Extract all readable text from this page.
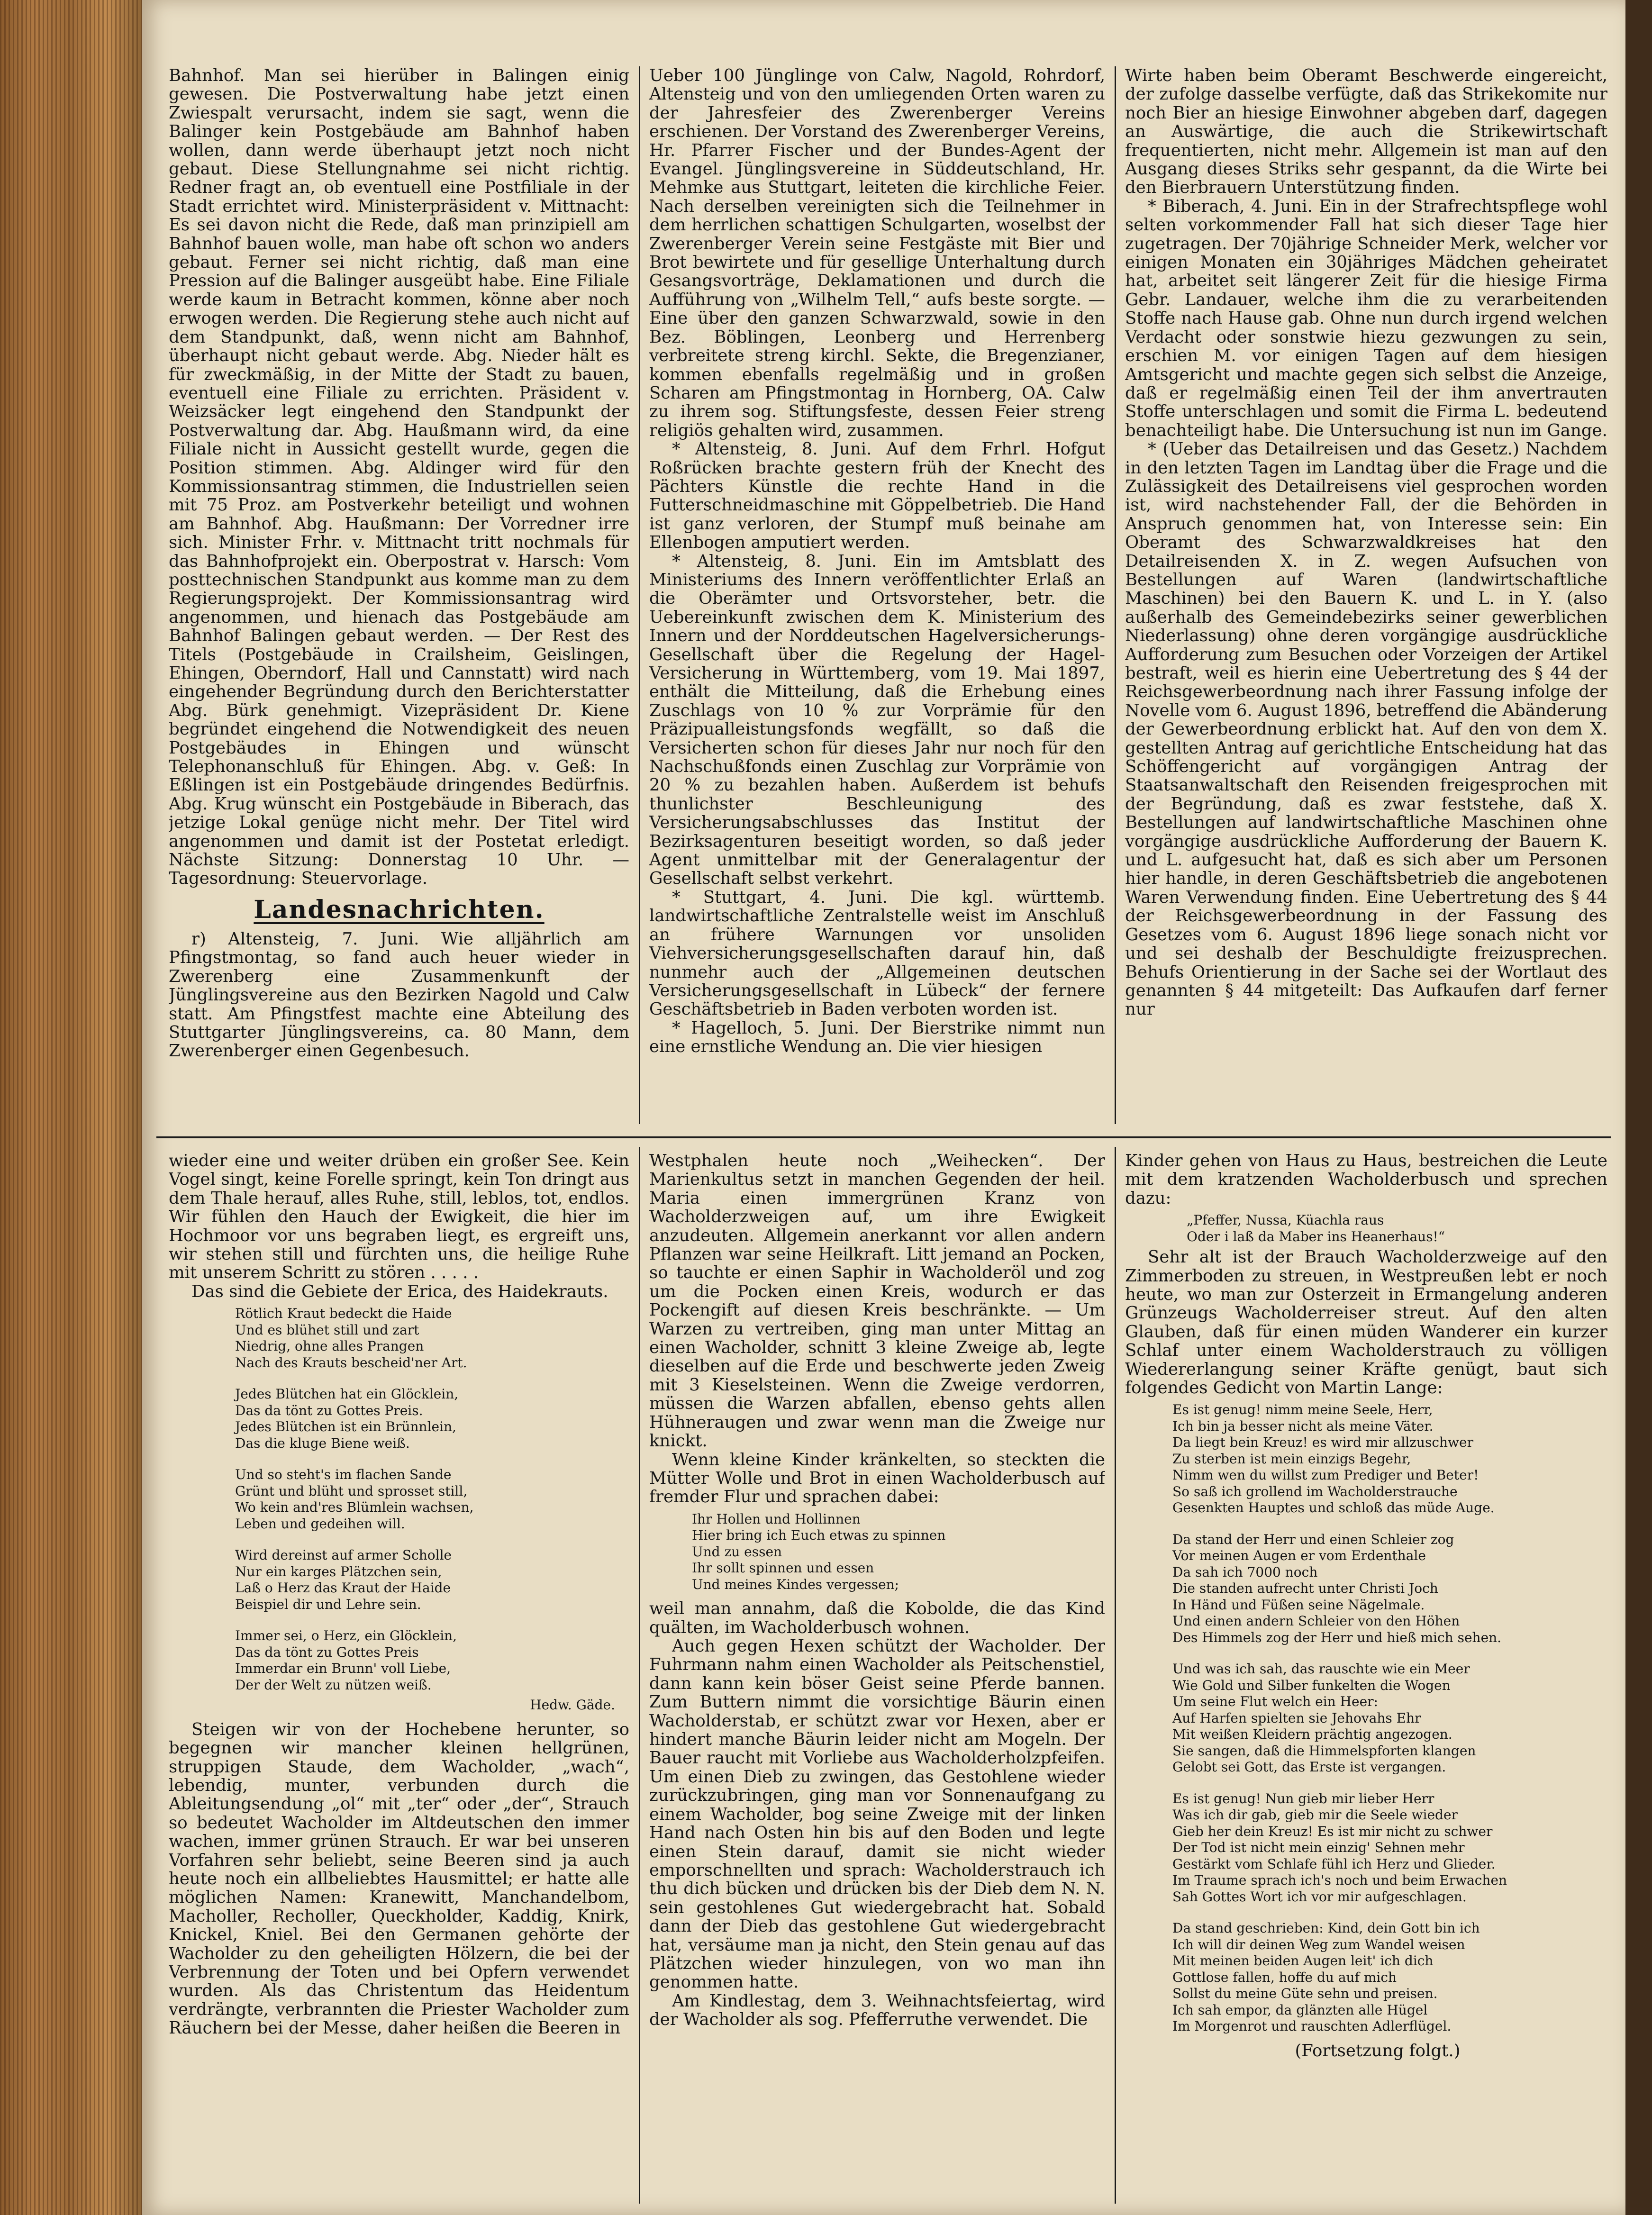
Bahnhof. Man sei hierüber in Balingen einig gewesen. Die Postverwaltung habe jetzt einen Zwiespalt verursacht, indem sie sagt, wenn die Balinger kein Postgebäude am Bahnhof haben wollen, dann werde überhaupt jetzt noch nicht gebaut. Diese Stellungnahme sei nicht richtig. Redner fragt an, ob eventuell eine Postfiliale in der Stadt errichtet wird. Ministerpräsident v. Mittnacht: Es sei davon nicht die Rede, daß man prinzipiell am Bahnhof bauen wolle, man habe oft schon wo anders gebaut. Ferner sei nicht richtig, daß man eine Pression auf die Balinger ausgeübt habe. Eine Filiale werde kaum in Betracht kommen, könne aber noch erwogen werden. Die Regierung stehe auch nicht auf dem Standpunkt, daß, wenn nicht am Bahnhof, überhaupt nicht gebaut werde. Abg. Nieder hält es für zweckmäßig, in der Mitte der Stadt zu bauen, eventuell eine Filiale zu errichten. Präsident v. Weizsäcker legt eingehend den Standpunkt der Postverwaltung dar. Abg. Haußmann wird, da eine Filiale nicht in Aussicht gestellt wurde, gegen die Position stimmen. Abg. Aldinger wird für den Kommissionsantrag stimmen, die Industriellen seien mit 75 Proz. am Postverkehr beteiligt und wohnen am Bahnhof. Abg. Haußmann: Der Vorredner irre sich. Minister Frhr. v. Mittnacht tritt nochmals für das Bahnhofprojekt ein. Oberpostrat v. Harsch: Vom posttechnischen Standpunkt aus komme man zu dem Regierungsprojekt. Der Kommissionsantrag wird angenommen, und hienach das Postgebäude am Bahnhof Balingen gebaut werden. — Der Rest des Titels (Postgebäude in Crailsheim, Geislingen, Ehingen, Oberndorf, Hall und Cannstatt) wird nach eingehender Begründung durch den Berichterstatter Abg. Bürk genehmigt. Vizepräsident Dr. Kiene begründet eingehend die Notwendigkeit des neuen Postgebäudes in Ehingen und wünscht Telephonanschluß für Ehingen. Abg. v. Geß: In Eßlingen ist ein Postgebäude dringendes Bedürfnis. Abg. Krug wünscht ein Postgebäude in Biberach, das jetzige Lokal genüge nicht mehr. Der Titel wird angenommen und damit ist der Postetat erledigt. Nächste Sitzung: Donnerstag 10 Uhr. — Tagesordnung: Steuervorlage.

Landesnachrichten.

r) Altensteig, 7. Juni. Wie alljährlich am Pfingstmontag, so fand auch heuer wieder in Zwerenberg eine Zusammenkunft der Jünglingsvereine aus den Bezirken Nagold und Calw statt. Am Pfingstfest machte eine Abteilung des Stuttgarter Jünglingsvereins, ca. 80 Mann, dem Zwerenberger einen Gegenbesuch.

Ueber 100 Jünglinge von Calw, Nagold, Rohrdorf, Altensteig und von den umliegenden Orten waren zu der Jahresfeier des Zwerenberger Vereins erschienen. Der Vorstand des Zwerenberger Vereins, Hr. Pfarrer Fischer und der Bundes-Agent der Evangel. Jünglingsvereine in Süddeutschland, Hr. Mehmke aus Stuttgart, leiteten die kirchliche Feier. Nach derselben vereinigten sich die Teilnehmer in dem herrlichen schattigen Schulgarten, woselbst der Zwerenberger Verein seine Festgäste mit Bier und Brot bewirtete und für gesellige Unterhaltung durch Gesangsvorträge, Deklamationen und durch die Aufführung von „Wilhelm Tell,“ aufs beste sorgte. — Eine über den ganzen Schwarzwald, sowie in den Bez. Böblingen, Leonberg und Herrenberg verbreitete streng kirchl. Sekte, die Bregenzianer, kommen ebenfalls regelmäßig und in großen Scharen am Pfingstmontag in Hornberg, OA. Calw zu ihrem sog. Stiftungsfeste, dessen Feier streng religiös gehalten wird, zusammen.

* Altensteig, 8. Juni. Auf dem Frhrl. Hofgut Roßrücken brachte gestern früh der Knecht des Pächters Künstle die rechte Hand in die Futterschneidmaschine mit Göppelbetrieb. Die Hand ist ganz verloren, der Stumpf muß beinahe am Ellenbogen amputiert werden.

* Altensteig, 8. Juni. Ein im Amtsblatt des Ministeriums des Innern veröffentlichter Erlaß an die Oberämter und Ortsvorsteher, betr. die Uebereinkunft zwischen dem K. Ministerium des Innern und der Norddeutschen Hagelversicherungs-Gesellschaft über die Regelung der Hagel-Versicherung in Württemberg, vom 19. Mai 1897, enthält die Mitteilung, daß die Erhebung eines Zuschlags von 10 % zur Vorprämie für den Präzipualleistungsfonds wegfällt, so daß die Versicherten schon für dieses Jahr nur noch für den Nachschußfonds einen Zuschlag zur Vorprämie von 20 % zu bezahlen haben. Außerdem ist behufs thunlichster Beschleunigung des Versicherungsabschlusses das Institut der Bezirksagenturen beseitigt worden, so daß jeder Agent unmittelbar mit der Generalagentur der Gesellschaft selbst verkehrt.

* Stuttgart, 4. Juni. Die kgl. württemb. landwirtschaftliche Zentralstelle weist im Anschluß an frühere Warnungen vor unsoliden Viehversicherungsgesellschaften darauf hin, daß nunmehr auch der „Allgemeinen deutschen Versicherungsgesellschaft in Lübeck“ der fernere Geschäftsbetrieb in Baden verboten worden ist.

* Hagelloch, 5. Juni. Der Bierstrike nimmt nun eine ernstliche Wendung an. Die vier hiesigen

Wirte haben beim Oberamt Beschwerde eingereicht, der zufolge dasselbe verfügte, daß das Strikekomite nur noch Bier an hiesige Einwohner abgeben darf, dagegen an Auswärtige, die auch die Strikewirtschaft frequentierten, nicht mehr. Allgemein ist man auf den Ausgang dieses Striks sehr gespannt, da die Wirte bei den Bierbrauern Unterstützung finden.

* Biberach, 4. Juni. Ein in der Strafrechtspflege wohl selten vorkommender Fall hat sich dieser Tage hier zugetragen. Der 70jährige Schneider Merk, welcher vor einigen Monaten ein 30jähriges Mädchen geheiratet hat, arbeitet seit längerer Zeit für die hiesige Firma Gebr. Landauer, welche ihm die zu verarbeitenden Stoffe nach Hause gab. Ohne nun durch irgend welchen Verdacht oder sonstwie hiezu gezwungen zu sein, erschien M. vor einigen Tagen auf dem hiesigen Amtsgericht und machte gegen sich selbst die Anzeige, daß er regelmäßig einen Teil der ihm anvertrauten Stoffe unterschlagen und somit die Firma L. bedeutend benachteiligt habe. Die Untersuchung ist nun im Gange.

* (Ueber das Detailreisen und das Gesetz.) Nachdem in den letzten Tagen im Landtag über die Frage und die Zulässigkeit des Detailreisens viel gesprochen worden ist, wird nachstehender Fall, der die Behörden in Anspruch genommen hat, von Interesse sein: Ein Oberamt des Schwarzwaldkreises hat den Detailreisenden X. in Z. wegen Aufsuchen von Bestellungen auf Waren (landwirtschaftliche Maschinen) bei den Bauern K. und L. in Y. (also außerhalb des Gemeindebezirks seiner gewerblichen Niederlassung) ohne deren vorgängige ausdrückliche Aufforderung zum Besuchen oder Vorzeigen der Artikel bestraft, weil es hierin eine Uebertretung des § 44 der Reichsgewerbeordnung nach ihrer Fassung infolge der Novelle vom 6. August 1896, betreffend die Abänderung der Gewerbeordnung erblickt hat. Auf den von dem X. gestellten Antrag auf gerichtliche Entscheidung hat das Schöffengericht auf vorgängigen Antrag der Staatsanwaltschaft den Reisenden freigesprochen mit der Begründung, daß es zwar feststehe, daß X. Bestellungen auf landwirtschaftliche Maschinen ohne vorgängige ausdrückliche Aufforderung der Bauern K. und L. aufgesucht hat, daß es sich aber um Personen hier handle, in deren Geschäftsbetrieb die angebotenen Waren Verwendung finden. Eine Uebertretung des § 44 der Reichsgewerbeordnung in der Fassung des Gesetzes vom 6. August 1896 liege sonach nicht vor und sei deshalb der Beschuldigte freizusprechen. Behufs Orientierung in der Sache sei der Wortlaut des genannten § 44 mitgeteilt: Das Aufkaufen darf ferner nur

wieder eine und weiter drüben ein großer See. Kein Vogel singt, keine Forelle springt, kein Ton dringt aus dem Thale herauf, alles Ruhe, still, leblos, tot, endlos. Wir fühlen den Hauch der Ewigkeit, die hier im Hochmoor vor uns begraben liegt, es ergreift uns, wir stehen still und fürchten uns, die heilige Ruhe mit unserem Schritt zu stören . . . . .

Das sind die Gebiete der Erica, des Haidekrauts.

Rötlich Kraut bedeckt die Haide
Und es blühet still und zart
Niedrig, ohne alles Prangen
Nach des Krauts bescheid'ner Art.
Jedes Blütchen hat ein Glöcklein,
Das da tönt zu Gottes Preis.
Jedes Blütchen ist ein Brünnlein,
Das die kluge Biene weiß.
Und so steht's im flachen Sande
Grünt und blüht und sprosset still,
Wo kein and'res Blümlein wachsen,
Leben und gedeihen will.
Wird dereinst auf armer Scholle
Nur ein karges Plätzchen sein,
Laß o Herz das Kraut der Haide
Beispiel dir und Lehre sein.
Immer sei, o Herz, ein Glöcklein,
Das da tönt zu Gottes Preis
Immerdar ein Brunn' voll Liebe,
Der der Welt zu nützen weiß.
Hedw. Gäde.

Steigen wir von der Hochebene herunter, so begegnen wir mancher kleinen hellgrünen, struppigen Staude, dem Wacholder, „wach“, lebendig, munter, verbunden durch die Ableitungsendung „ol“ mit „ter“ oder „der“, Strauch so bedeutet Wacholder im Altdeutschen den immer wachen, immer grünen Strauch. Er war bei unseren Vorfahren sehr beliebt, seine Beeren sind ja auch heute noch ein allbeliebtes Hausmittel; er hatte alle möglichen Namen: Kranewitt, Manchandelbom, Macholler, Recholler, Queckholder, Kaddig, Knirk, Knickel, Kniel. Bei den Germanen gehörte der Wacholder zu den geheiligten Hölzern, die bei der Verbrennung der Toten und bei Opfern verwendet wurden. Als das Christentum das Heidentum verdrängte, verbrannten die Priester Wacholder zum Räuchern bei der Messe, daher heißen die Beeren in

Westphalen heute noch „Weihecken“. Der Marienkultus setzt in manchen Gegenden der heil. Maria einen immergrünen Kranz von Wacholderzweigen auf, um ihre Ewigkeit anzudeuten. Allgemein anerkannt vor allen andern Pflanzen war seine Heilkraft. Litt jemand an Pocken, so tauchte er einen Saphir in Wacholderöl und zog um die Pocken einen Kreis, wodurch er das Pockengift auf diesen Kreis beschränkte. — Um Warzen zu vertreiben, ging man unter Mittag an einen Wacholder, schnitt 3 kleine Zweige ab, legte dieselben auf die Erde und beschwerte jeden Zweig mit 3 Kieselsteinen. Wenn die Zweige verdorren, müssen die Warzen abfallen, ebenso gehts allen Hühneraugen und zwar wenn man die Zweige nur knickt.

Wenn kleine Kinder kränkelten, so steckten die Mütter Wolle und Brot in einen Wacholderbusch auf fremder Flur und sprachen dabei:

Ihr Hollen und Hollinnen
Hier bring ich Euch etwas zu spinnen
Und zu essen
Ihr sollt spinnen und essen
Und meines Kindes vergessen;

weil man annahm, daß die Kobolde, die das Kind quälten, im Wacholderbusch wohnen.

Auch gegen Hexen schützt der Wacholder. Der Fuhrmann nahm einen Wacholder als Peitschenstiel, dann kann kein böser Geist seine Pferde bannen. Zum Buttern nimmt die vorsichtige Bäurin einen Wacholderstab, er schützt zwar vor Hexen, aber er hindert manche Bäurin leider nicht am Mogeln. Der Bauer raucht mit Vorliebe aus Wacholderholzpfeifen. Um einen Dieb zu zwingen, das Gestohlene wieder zurückzubringen, ging man vor Sonnenaufgang zu einem Wacholder, bog seine Zweige mit der linken Hand nach Osten hin bis auf den Boden und legte einen Stein darauf, damit sie nicht wieder emporschnellten und sprach: Wacholderstrauch ich thu dich bücken und drücken bis der Dieb dem N. N. sein gestohlenes Gut wiedergebracht hat. Sobald dann der Dieb das gestohlene Gut wiedergebracht hat, versäume man ja nicht, den Stein genau auf das Plätzchen wieder hinzulegen, von wo man ihn genommen hatte.

Am Kindlestag, dem 3. Weihnachtsfeiertag, wird der Wacholder als sog. Pfefferruthe verwendet. Die

Kinder gehen von Haus zu Haus, bestreichen die Leute mit dem kratzenden Wacholderbusch und sprechen dazu:

„Pfeffer, Nussa, Küachla raus
Oder i laß da Maber ins Heanerhaus!“

Sehr alt ist der Brauch Wacholderzweige auf den Zimmerboden zu streuen, in Westpreußen lebt er noch heute, wo man zur Osterzeit in Ermangelung anderen Grünzeugs Wacholderreiser streut. Auf den alten Glauben, daß für einen müden Wanderer ein kurzer Schlaf unter einem Wacholderstrauch zu völligen Wiedererlangung seiner Kräfte genügt, baut sich folgendes Gedicht von Martin Lange:

Es ist genug! nimm meine Seele, Herr,
Ich bin ja besser nicht als meine Väter.
Da liegt bein Kreuz! es wird mir allzuschwer
Zu sterben ist mein einzigs Begehr,
Nimm wen du willst zum Prediger und Beter!
So saß ich grollend im Wacholderstrauche
Gesenkten Hauptes und schloß das müde Auge.
Da stand der Herr und einen Schleier zog
Vor meinen Augen er vom Erdenthale
Da sah ich 7000 noch
Die standen aufrecht unter Christi Joch
In Händ und Füßen seine Nägelmale.
Und einen andern Schleier von den Höhen
Des Himmels zog der Herr und hieß mich sehen.
Und was ich sah, das rauschte wie ein Meer
Wie Gold und Silber funkelten die Wogen
Um seine Flut welch ein Heer:
Auf Harfen spielten sie Jehovahs Ehr
Mit weißen Kleidern prächtig angezogen.
Sie sangen, daß die Himmelspforten klangen
Gelobt sei Gott, das Erste ist vergangen.
Es ist genug! Nun gieb mir lieber Herr
Was ich dir gab, gieb mir die Seele wieder
Gieb her dein Kreuz! Es ist mir nicht zu schwer
Der Tod ist nicht mein einzig' Sehnen mehr
Gestärkt vom Schlafe fühl ich Herz und Glieder.
Im Traume sprach ich's noch und beim Erwachen
Sah Gottes Wort ich vor mir aufgeschlagen.
Da stand geschrieben: Kind, dein Gott bin ich
Ich will dir deinen Weg zum Wandel weisen
Mit meinen beiden Augen leit' ich dich
Gottlose fallen, hoffe du auf mich
Sollst du meine Güte sehn und preisen.
Ich sah empor, da glänzten alle Hügel
Im Morgenrot und rauschten Adlerflügel.

(Fortsetzung folgt.)
